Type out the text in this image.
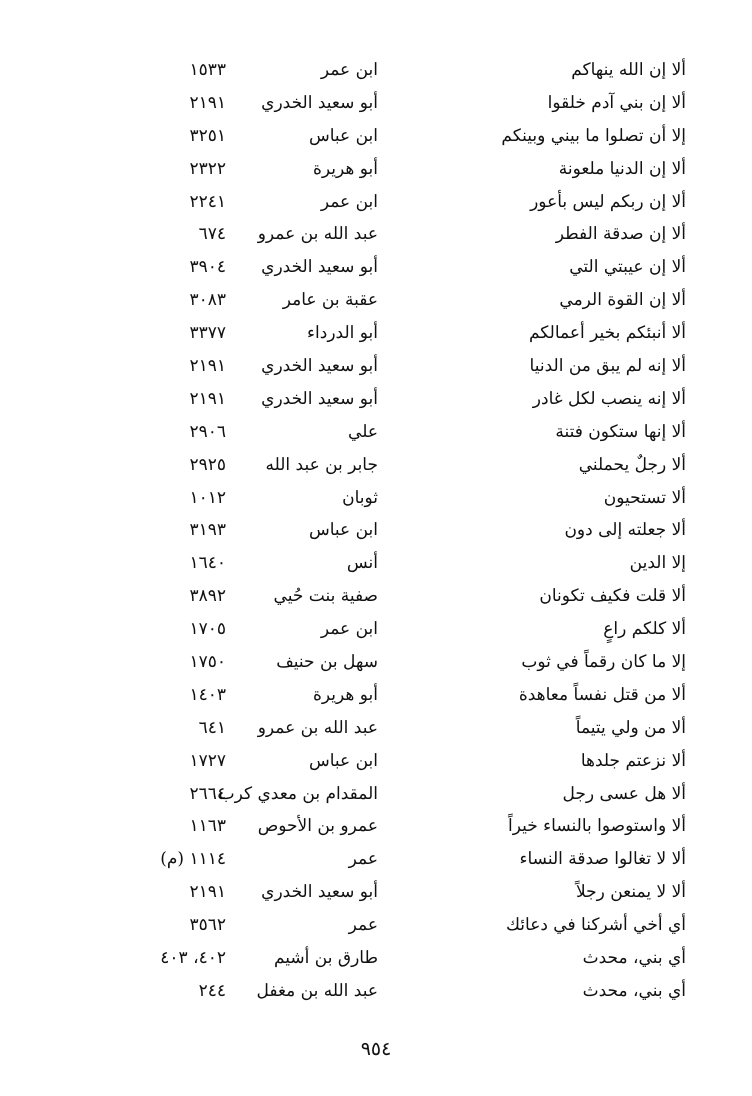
ألا إن الله ينهاكم
ابن عمر
١٥٣٣
ألا إن بني آدم خلقوا
أبو سعيد الخدري
٢١٩١
إلا أن تصلوا ما بيني وبينكم
ابن عباس
٣٢٥١
ألا إن الدنيا ملعونة
أبو هريرة
٢٣٢٢
ألا إن ربكم ليس بأعور
ابن عمر
٢٢٤١
ألا إن صدقة الفطر
عبد الله بن عمرو
٦٧٤
ألا إن عيبتي التي
أبو سعيد الخدري
٣٩٠٤
ألا إن القوة الرمي
عقبة بن عامر
٣٠٨٣
ألا أنبئكم بخير أعمالكم
أبو الدرداء
٣٣٧٧
ألا إنه لم يبق من الدنيا
أبو سعيد الخدري
٢١٩١
ألا إنه ينصب لكل غادر
أبو سعيد الخدري
٢١٩١
ألا إنها ستكون فتنة
علي
٢٩٠٦
ألا رجلٌ يحملني
جابر بن عبد الله
٢٩٢٥
ألا تستحيون
ثوبان
١٠١٢
ألا جعلته إلى دون
ابن عباس
٣١٩٣
إلا الدين
أنس
١٦٤٠
ألا قلت فكيف تكونان
صفية بنت حُيي
٣٨٩٢
ألا كلكم راعٍ
ابن عمر
١٧٠٥
إلا ما كان رقماً في ثوب
سهل بن حنيف
١٧٥٠
ألا من قتل نفساً معاهدة
أبو هريرة
١٤٠٣
ألا من ولي يتيماً
عبد الله بن عمرو
٦٤١
ألا نزعتم جلدها
ابن عباس
١٧٢٧
ألا هل عسى رجل
المقدام بن معدي كرب
٢٦٦٤
ألا واستوصوا بالنساء خيراً
عمرو بن الأحوص
١١٦٣
ألا لا تغالوا صدقة النساء
عمر
١١١٤ (م)
ألا لا يمنعن رجلاً
أبو سعيد الخدري
٢١٩١
أي أخي أشركنا في دعائك
عمر
٣٥٦٢
أي بني، محدث
طارق بن أشيم
٤٠٢، ٤٠٣
أي بني، محدث
عبد الله بن مغفل
٢٤٤
٩٥٤
